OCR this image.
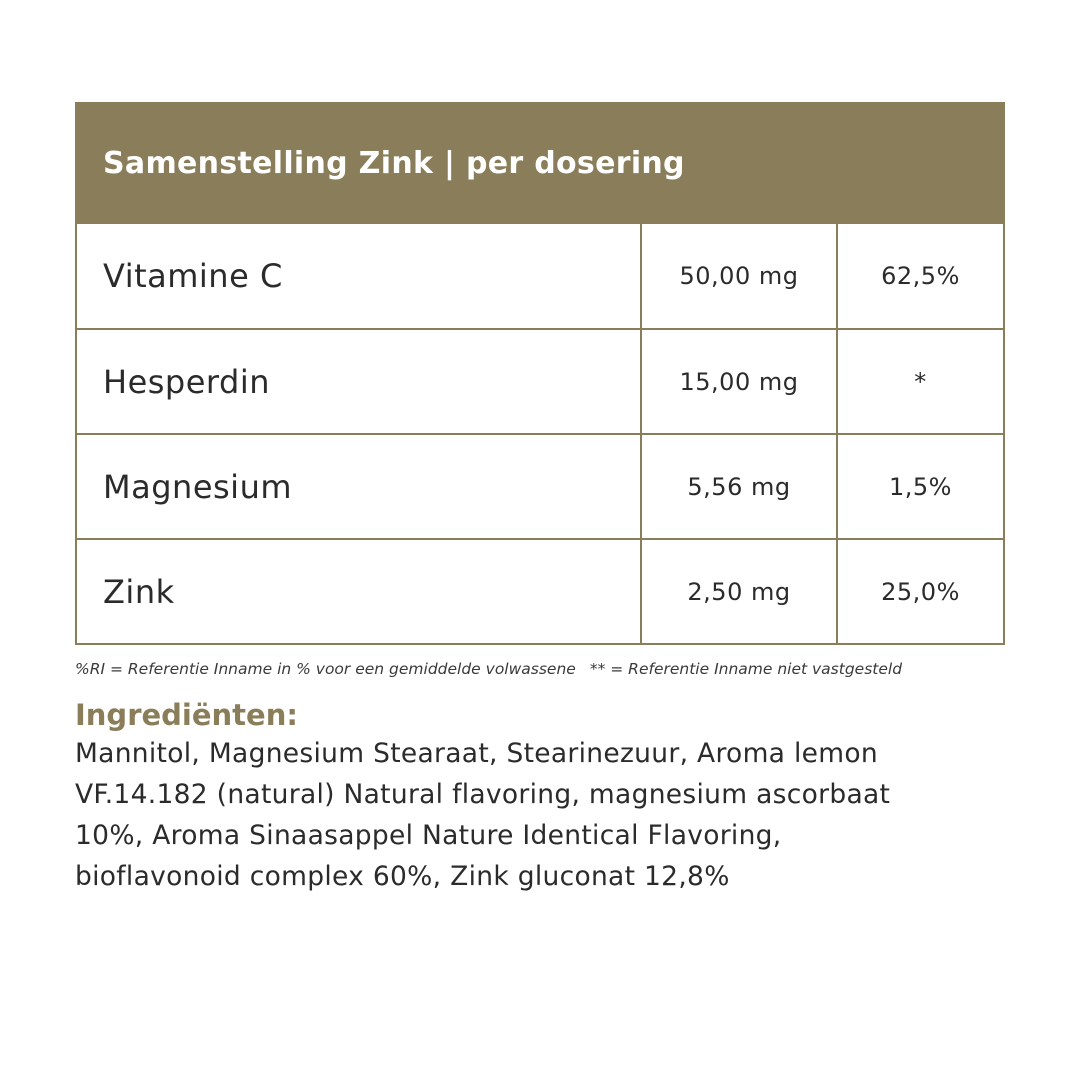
Samenstelling Zink | per dosering
Vitamine C	50,00 mg	62,5%
Hesperdin	15,00 mg	*
Magnesium	5,56 mg	1,5%
Zink	2,50 mg	25,0%
%RI = Referentie Inname in % voor een gemiddelde volwassene ** = Referentie Inname niet vastgesteld
Ingrediënten:
Mannitol, Magnesium Stearaat, Stearinezuur, Aroma lemon
VF.14.182 (natural) Natural flavoring, magnesium ascorbaat
10%, Aroma Sinaasappel Nature Identical Flavoring,
bioflavonoid complex 60%, Zink gluconat 12,8%
